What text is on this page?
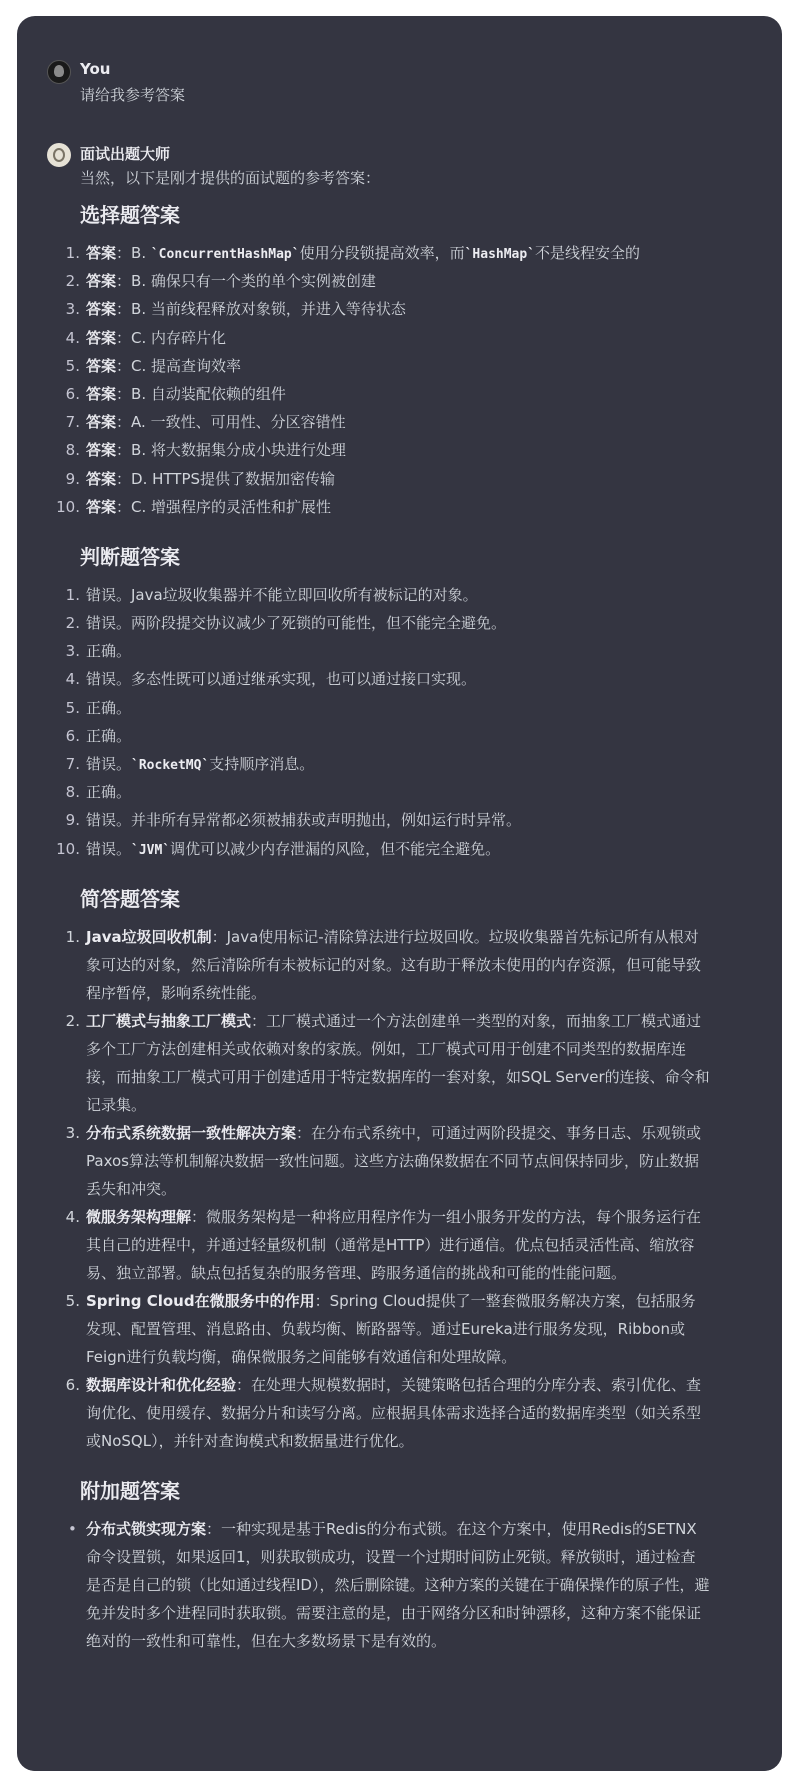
You
请给我参考答案
面试出题大师
当然，以下是刚才提供的面试题的参考答案：
选择题答案
1 . 答案：B. `ConcurrentHashMap`使用分段锁提高效率，而`HashMap`不是线程安全的
2 . 答案：B. 确保只有一个类的单个实例被创建
3 . 答案：B. 当前线程释放对象锁，并进入等待状态
4 . 答案：C. 内存碎片化
5 . 答案：C. 提高查询效率
6 . 答案：B. 自动装配依赖的组件
7 . 答案：A. 一致性、可用性、分区容错性
8 . 答案：B. 将大数据集分成小块进行处理
9 . 答案：D. HTTPS提供了数据加密传输
10 . 答案：C. 增强程序的灵活性和扩展性
判断题答案
1 . 错误。Java垃圾收集器并不能立即回收所有被标记的对象。
2 . 错误。两阶段提交协议减少了死锁的可能性，但不能完全避免。
3 . 正确。
4 . 错误。多态性既可以通过继承实现，也可以通过接口实现。
5 . 正确。
6 . 正确。
7 . 错误。`RocketMQ`支持顺序消息。
8 . 正确。
9 . 错误。并非所有异常都必须被捕获或声明抛出，例如运行时异常。
10 . 错误。`JVM`调优可以减少内存泄漏的风险，但不能完全避免。
简答题答案
1 . Java垃圾回收机制：Java使用标记-清除算法进行垃圾回收。垃圾收集器首先标记所有从根对象可达的对象，然后清除所有未被标记的对象。这有助于释放未使用的内存资源，但可能导致程序暂停，影响系统性能。
2 . 工厂模式与抽象工厂模式：工厂模式通过一个方法创建单一类型的对象，而抽象工厂模式通过多个工厂方法创建相关或依赖对象的家族。例如，工厂模式可用于创建不同类型的数据库连接，而抽象工厂模式可用于创建适用于特定数据库的一套对象，如SQL Server的连接、命令和记录集。
3 . 分布式系统数据一致性解决方案：在分布式系统中，可通过两阶段提交、事务日志、乐观锁或Paxos算法等机制解决数据一致性问题。这些方法确保数据在不同节点间保持同步，防止数据丢失和冲突。
4 . 微服务架构理解：微服务架构是一种将应用程序作为一组小服务开发的方法，每个服务运行在其自己的进程中，并通过轻量级机制（通常是HTTP）进行通信。优点包括灵活性高、缩放容易、独立部署。缺点包括复杂的服务管理、跨服务通信的挑战和可能的性能问题。
5 . Spring Cloud在微服务中的作用：Spring Cloud提供了一整套微服务解决方案，包括服务发现、配置管理、消息路由、负载均衡、断路器等。通过Eureka进行服务发现，Ribbon或Feign进行负载均衡，确保微服务之间能够有效通信和处理故障。
6 . 数据库设计和优化经验：在处理大规模数据时，关键策略包括合理的分库分表、索引优化、查询优化、使用缓存、数据分片和读写分离。应根据具体需求选择合适的数据库类型（如关系型或NoSQL），并针对查询模式和数据量进行优化。
附加题答案
• 分布式锁实现方案：一种实现是基于Redis的分布式锁。在这个方案中，使用Redis的SETNX命令设置锁，如果返回1，则获取锁成功，设置一个过期时间防止死锁。释放锁时，通过检查是否是自己的锁（比如通过线程ID），然后删除键。这种方案的关键在于确保操作的原子性，避免并发时多个进程同时获取锁。需要注意的是，由于网络分区和时钟漂移，这种方案不能保证绝对的一致性和可靠性，但在大多数场景下是有效的。
